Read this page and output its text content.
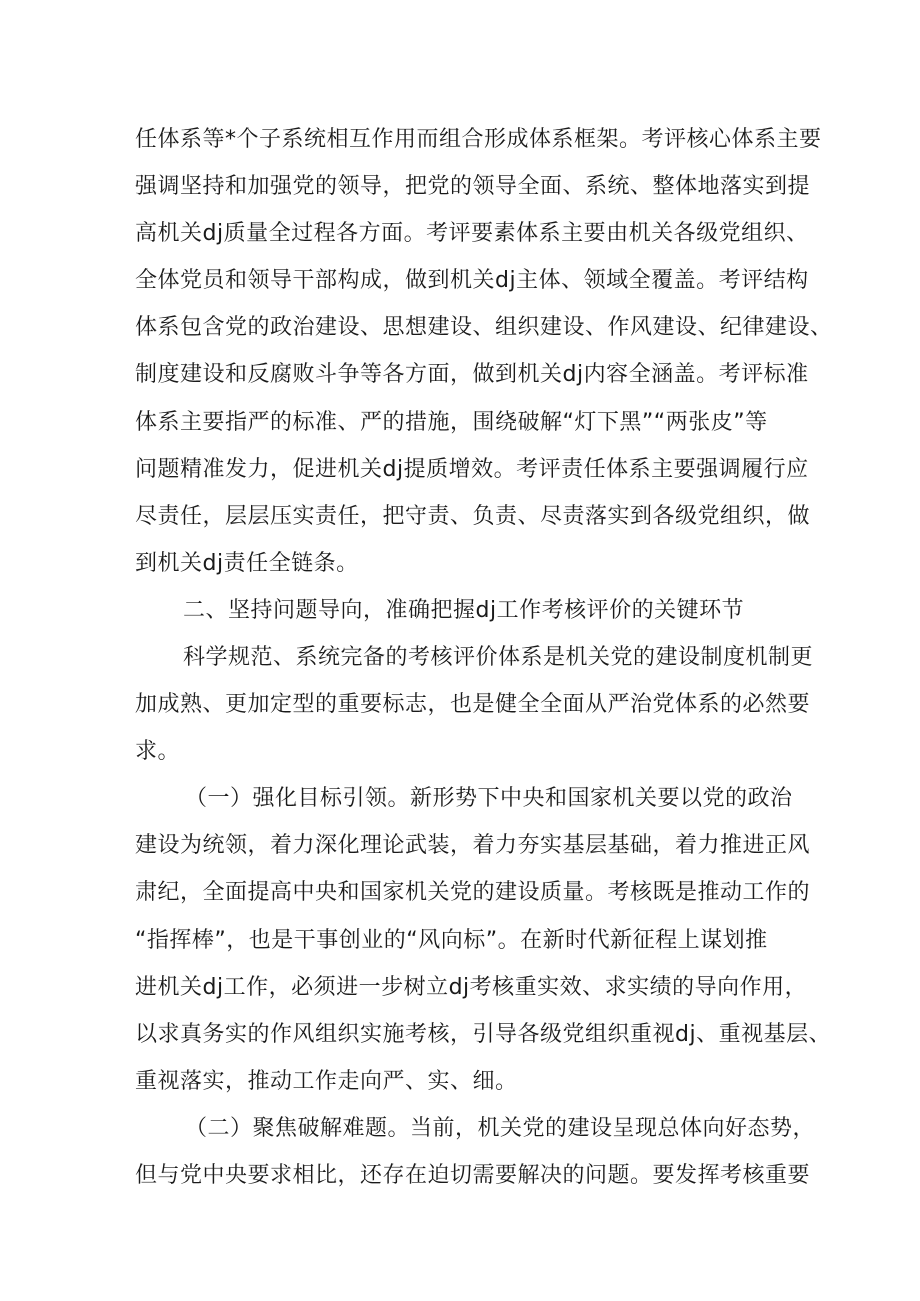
任体系等*个子系统相互作用而组合形成体系框架。考评核心体系主要
强调坚持和加强党的领导，把党的领导全面、系统、整体地落实到提
高机关dj质量全过程各方面。考评要素体系主要由机关各级党组织、
全体党员和领导干部构成，做到机关dj主体、领域全覆盖。考评结构
体系包含党的政治建设、思想建设、组织建设、作风建设、纪律建设、
制度建设和反腐败斗争等各方面，做到机关dj内容全涵盖。考评标准
体系主要指严的标准、严的措施，围绕破解“灯下黑”“两张皮”等
问题精准发力，促进机关dj提质增效。考评责任体系主要强调履行应
尽责任，层层压实责任，把守责、负责、尽责落实到各级党组织，做
到机关dj责任全链条。
二、坚持问题导向，准确把握dj工作考核评价的关键环节
科学规范、系统完备的考核评价体系是机关党的建设制度机制更
加成熟、更加定型的重要标志，也是健全全面从严治党体系的必然要
求。
（一）强化目标引领。新形势下中央和国家机关要以党的政治
建设为统领，着力深化理论武装，着力夯实基层基础，着力推进正风
肃纪，全面提高中央和国家机关党的建设质量。考核既是推动工作的
“指挥棒”，也是干事创业的“风向标”。在新时代新征程上谋划推
进机关dj工作，必须进一步树立dj考核重实效、求实绩的导向作用，
以求真务实的作风组织实施考核，引导各级党组织重视dj、重视基层、
重视落实，推动工作走向严、实、细。
（二）聚焦破解难题。当前，机关党的建设呈现总体向好态势，
但与党中央要求相比，还存在迫切需要解决的问题。要发挥考核重要
